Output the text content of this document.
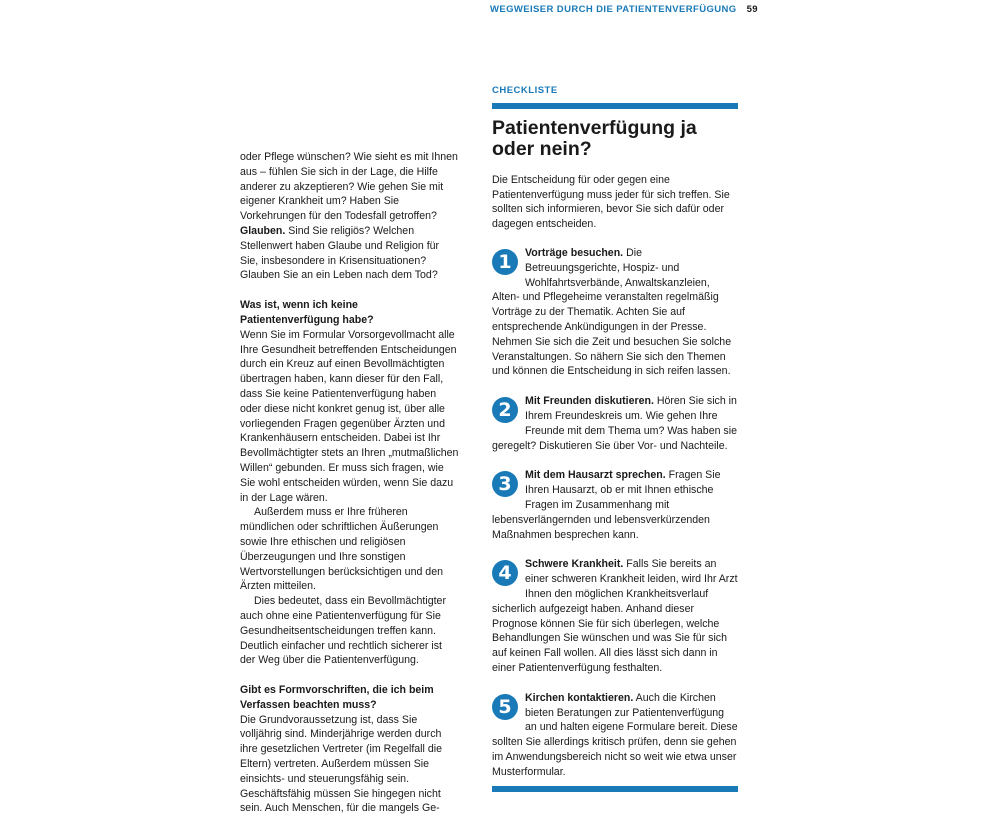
WEGWEISER DURCH DIE PATIENTENVERFÜGUNG 59

oder Pflege wünschen? Wie sieht es mit Ihnen aus – fühlen Sie sich in der Lage, die Hilfe anderer zu akzeptieren? Wie gehen Sie mit eigener Krankheit um? Haben Sie Vorkehrungen für den Todesfall getroffen?

Glauben. Sind Sie religiös? Welchen Stellenwert haben Glaube und Religion für Sie, insbesondere in Krisensituationen? Glauben Sie an ein Leben nach dem Tod?

Was ist, wenn ich keine Patientenverfügung habe?

Wenn Sie im Formular Vorsorgevollmacht alle Ihre Gesundheit betreffenden Entscheidungen durch ein Kreuz auf einen Bevollmächtigten übertragen haben, kann dieser für den Fall, dass Sie keine Patientenverfügung haben oder diese nicht konkret genug ist, über alle vorliegenden Fragen gegenüber Ärzten und Krankenhäusern entscheiden. Dabei ist Ihr Bevollmächtigter stets an Ihren „mutmaßlichen Willen“ gebunden. Er muss sich fragen, wie Sie wohl entscheiden würden, wenn Sie dazu in der Lage wären.

Außerdem muss er Ihre früheren mündlichen oder schriftlichen Äußerungen sowie Ihre ethischen und religiösen Überzeugungen und Ihre sonstigen Wertvorstellungen berücksichtigen und den Ärzten mitteilen.

Dies bedeutet, dass ein Bevollmächtigter auch ohne eine Patientenverfügung für Sie Gesundheitsentscheidungen treffen kann. Deutlich einfacher und rechtlich sicherer ist der Weg über die Patientenverfügung.

Gibt es Formvorschriften, die ich beim Verfassen beachten muss?

Die Grundvoraussetzung ist, dass Sie volljährig sind. Minderjährige werden durch ihre gesetzlichen Vertreter (im Regelfall die Eltern) vertreten. Außerdem müssen Sie einsichts- und steuerungsfähig sein. Geschäftsfähig müssen Sie hingegen nicht sein. Auch Menschen, für die mangels Ge-

CHECKLISTE
Patientenverfügung ja oder nein?

Die Entscheidung für oder gegen eine Patientenverfügung muss jeder für sich treffen. Sie sollten sich informieren, bevor Sie sich dafür oder dagegen entscheiden.

1	Vorträge besuchen. Die Betreuungsgerichte, Hospiz- und Wohlfahrtsverbände, Anwaltskanzleien, Alten- und Pflegeheime veranstalten regelmäßig Vorträge zu der Thematik. Achten Sie auf entsprechende Ankündigungen in der Presse. Nehmen Sie sich die Zeit und besuchen Sie solche Veranstaltungen. So nähern Sie sich den Themen und können die Entscheidung in sich reifen lassen.

2	Mit Freunden diskutieren. Hören Sie sich in Ihrem Freundeskreis um. Wie gehen Ihre Freunde mit dem Thema um? Was haben sie geregelt? Diskutieren Sie über Vor- und Nachteile.

3	Mit dem Hausarzt sprechen. Fragen Sie Ihren Hausarzt, ob er mit Ihnen ethische Fragen im Zusammenhang mit lebensverlängernden und lebensverkürzenden Maßnahmen besprechen kann.

4	Schwere Krankheit. Falls Sie bereits an einer schweren Krankheit leiden, wird Ihr Arzt Ihnen den möglichen Krankheitsverlauf sicherlich aufgezeigt haben. Anhand dieser Prognose können Sie für sich überlegen, welche Behandlungen Sie wünschen und was Sie für sich auf keinen Fall wollen. All dies lässt sich dann in einer Patientenverfügung festhalten.

5	Kirchen kontaktieren. Auch die Kirchen bieten Beratungen zur Patientenverfügung an und halten eigene Formulare bereit. Diese sollten Sie allerdings kritisch prüfen, denn sie gehen im Anwendungsbereich nicht so weit wie etwa unser Musterformular.
